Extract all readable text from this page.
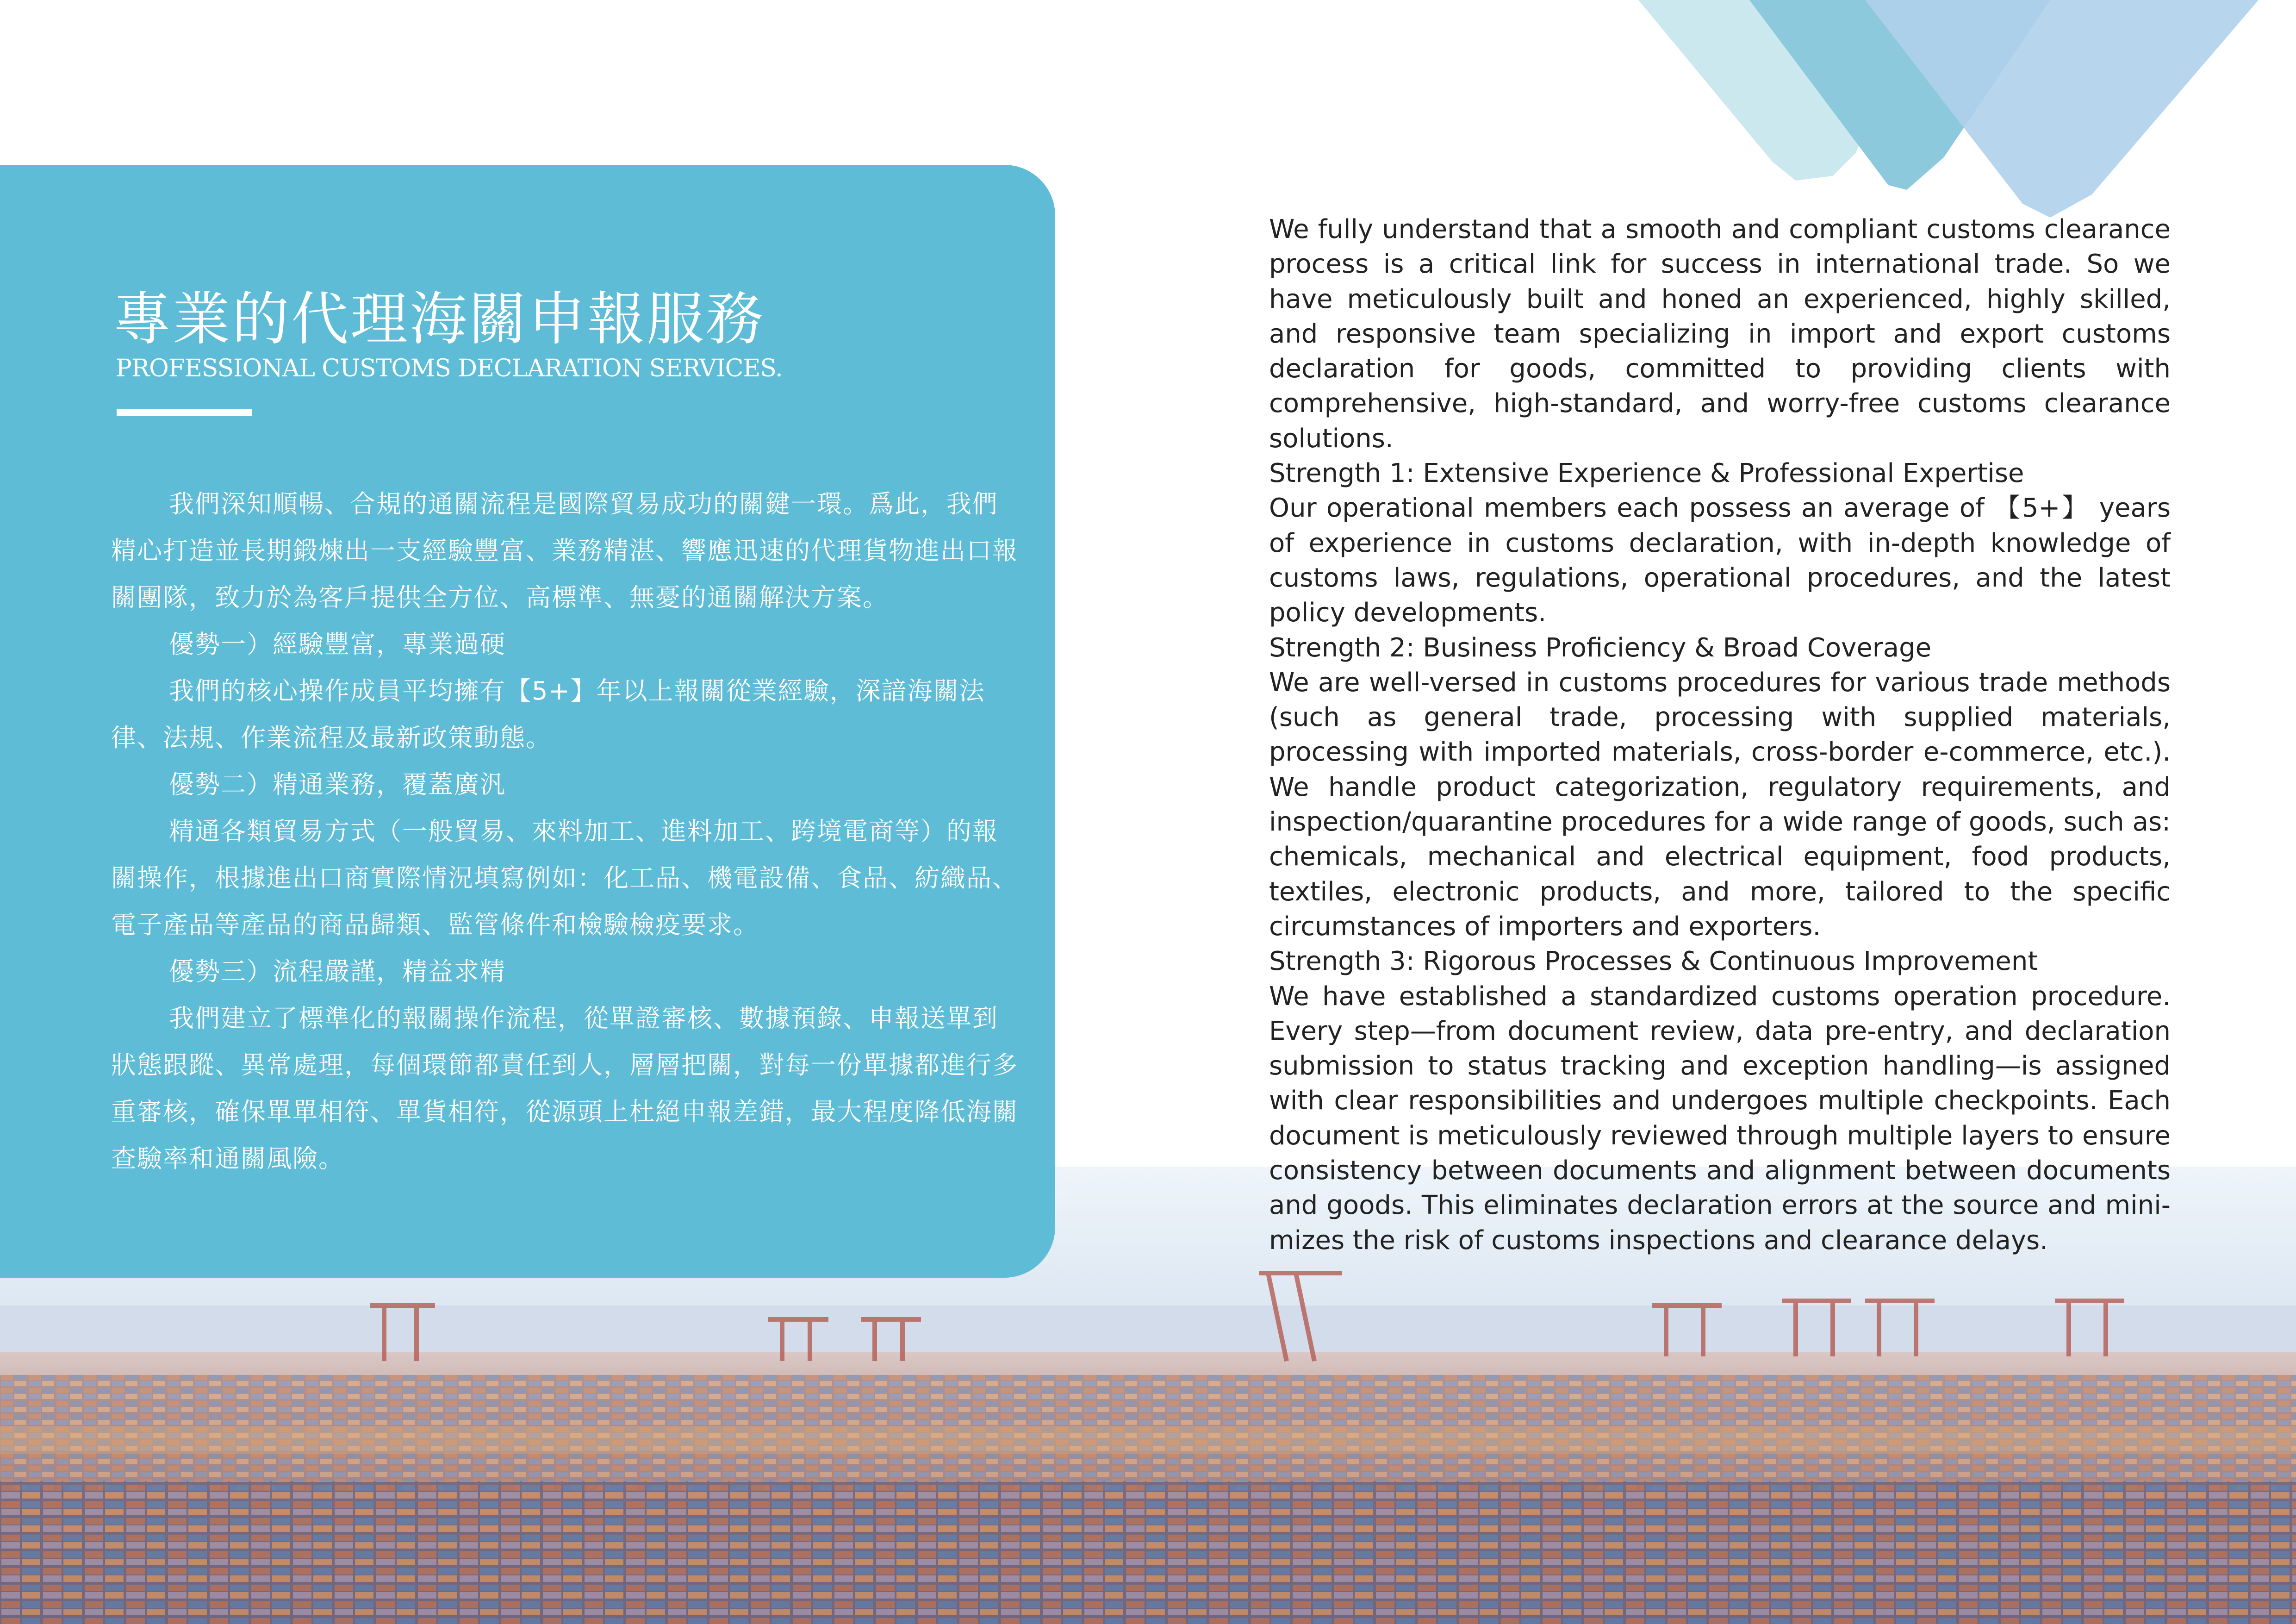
專業的代理海關申報服務
PROFESSIONAL CUSTOMS DECLARATION SERVICES.

我們深知順暢、合規的通關流程是國際貿易成功的關鍵一環。爲此，我們精心打造並長期鍛煉出一支經驗豐富、業務精湛、響應迅速的代理貨物進出口報關團隊，致力於為客戶提供全方位、高標準、無憂的通關解決方案。

優勢一）經驗豐富，專業過硬

我們的核心操作成員平均擁有【5+】年以上報關從業經驗，深諳海關法律、法規、作業流程及最新政策動態。

優勢二）精通業務，覆蓋廣汎

精通各類貿易方式（一般貿易、來料加工、進料加工、跨境電商等）的報關操作，根據進出口商實際情況填寫例如：化工品、機電設備、食品、紡織品、電子產品等產品的商品歸類、監管條件和檢驗檢疫要求。

優勢三）流程嚴謹，精益求精

我們建立了標準化的報關操作流程，從單證審核、數據預錄、申報送單到狀態跟蹤、異常處理，每個環節都責任到人，層層把關，對每一份單據都進行多重審核，確保單單相符、單貨相符，從源頭上杜絕申報差錯，最大程度降低海關查驗率和通關風險。

We fully understand that a smooth and compliant customs clearance process is a critical link for success in international trade. So we have meticulously built and honed an experienced, highly skilled, and responsive team specializing in import and export customs declaration for goods, committed to providing clients with comprehensive, high-standard, and worry-free customs clearance solutions.

Strength 1: Extensive Experience & Professional Expertise

Our operational members each possess an average of 【5+】 years of experience in customs declaration, with in-depth knowledge of customs laws, regulations, operational procedures, and the latest policy developments.

Strength 2: Business Proficiency & Broad Coverage

We are well-versed in customs procedures for various trade methods (such as general trade, processing with supplied materials, processing with imported materials, cross-border e-commerce, etc.). We handle product categorization, regulatory requirements, and inspection/quarantine procedures for a wide range of goods, such as: chemicals, mechanical and electrical equipment, food products, textiles, electronic products, and more, tailored to the specific circumstances of importers and exporters.

Strength 3: Rigorous Processes & Continuous Improvement

We have established a standardized customs operation procedure. Every step—from document review, data pre-entry, and declaration submission to status tracking and exception handling—is assigned with clear responsibilities and undergoes multiple checkpoints. Each document is meticulously reviewed through multiple layers to ensure consistency between documents and alignment between documents and goods. This eliminates declaration errors at the source and minimizes the risk of customs inspections and clearance delays.
